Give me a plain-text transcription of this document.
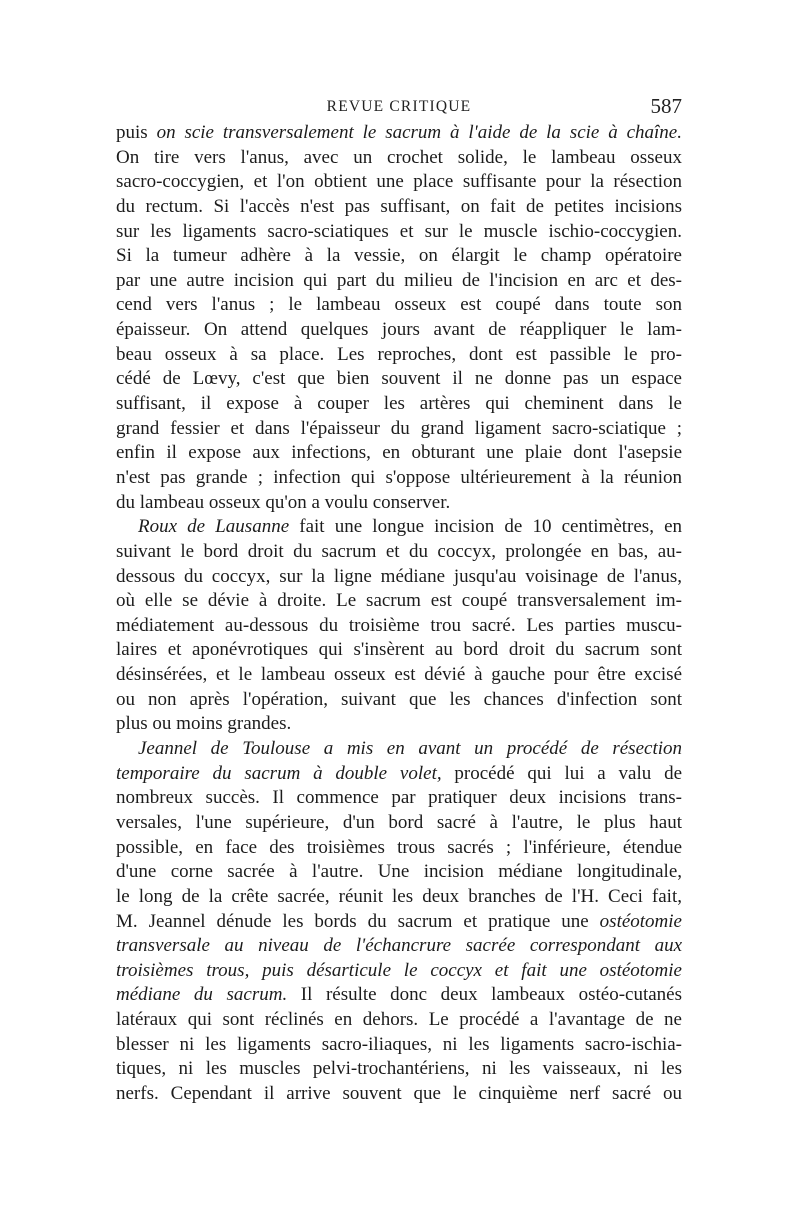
REVUE CRITIQUE	587
puis on scie transversalement le sacrum à l'aide de la scie à chaîne.
On tire vers l'anus, avec un crochet solide, le lambeau osseux
sacro-coccygien, et l'on obtient une place suffisante pour la résection
du rectum. Si l'accès n'est pas suffisant, on fait de petites incisions
sur les ligaments sacro-sciatiques et sur le muscle ischio-coccygien.
Si la tumeur adhère à la vessie, on élargit le champ opératoire
par une autre incision qui part du milieu de l'incision en arc et des-
cend vers l'anus ; le lambeau osseux est coupé dans toute son
épaisseur. On attend quelques jours avant de réappliquer le lam-
beau osseux à sa place. Les reproches, dont est passible le pro-
cédé de Lœvy, c'est que bien souvent il ne donne pas un espace
suffisant, il expose à couper les artères qui cheminent dans le
grand fessier et dans l'épaisseur du grand ligament sacro-sciatique ;
enfin il expose aux infections, en obturant une plaie dont l'asepsie
n'est pas grande ; infection qui s'oppose ultérieurement à la réunion
du lambeau osseux qu'on a voulu conserver.
Roux de Lausanne fait une longue incision de 10 centimètres, en
suivant le bord droit du sacrum et du coccyx, prolongée en bas, au-
dessous du coccyx, sur la ligne médiane jusqu'au voisinage de l'anus,
où elle se dévie à droite. Le sacrum est coupé transversalement im-
médiatement au-dessous du troisième trou sacré. Les parties muscu-
laires et aponévrotiques qui s'insèrent au bord droit du sacrum sont
désinsérées, et le lambeau osseux est dévié à gauche pour être excisé
ou non après l'opération, suivant que les chances d'infection sont
plus ou moins grandes.
Jeannel de Toulouse a mis en avant un procédé de résection
temporaire du sacrum à double volet, procédé qui lui a valu de
nombreux succès. Il commence par pratiquer deux incisions trans-
versales, l'une supérieure, d'un bord sacré à l'autre, le plus haut
possible, en face des troisièmes trous sacrés ; l'inférieure, étendue
d'une corne sacrée à l'autre. Une incision médiane longitudinale,
le long de la crête sacrée, réunit les deux branches de l'H. Ceci fait,
M. Jeannel dénude les bords du sacrum et pratique une ostéotomie
transversale au niveau de l'échancrure sacrée correspondant aux
troisièmes trous, puis désarticule le coccyx et fait une ostéotomie
médiane du sacrum. Il résulte donc deux lambeaux ostéo-cutanés
latéraux qui sont réclinés en dehors. Le procédé a l'avantage de ne
blesser ni les ligaments sacro-iliaques, ni les ligaments sacro-ischia-
tiques, ni les muscles pelvi-trochantériens, ni les vaisseaux, ni les
nerfs. Cependant il arrive souvent que le cinquième nerf sacré ou
